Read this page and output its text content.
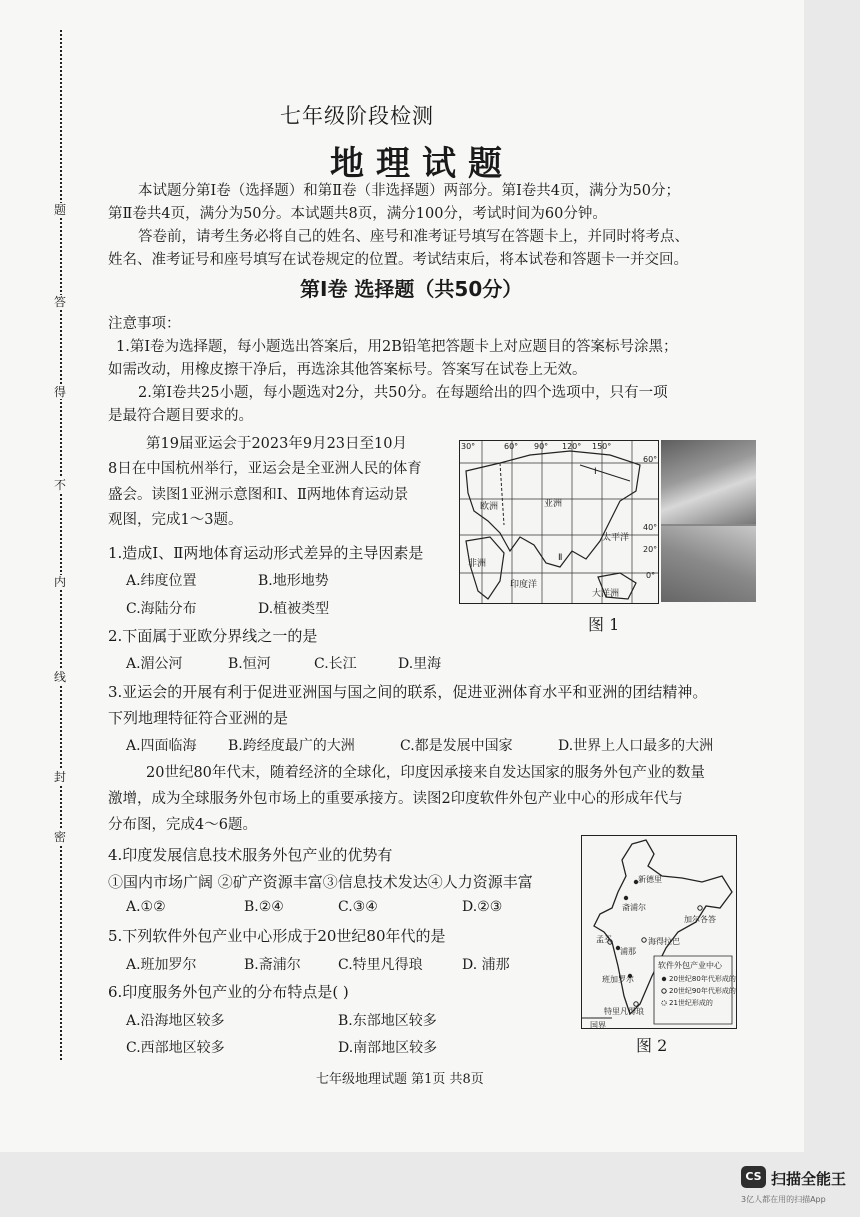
密
封
线
内
不
得
答
题
七年级阶段检测
地理试题
本试题分第Ⅰ卷（选择题）和第Ⅱ卷（非选择题）两部分。第Ⅰ卷共4页，满分为50分；
第Ⅱ卷共4页，满分为50分。本试题共8页，满分100分，考试时间为60分钟。
答卷前，请考生务必将自己的姓名、座号和准考证号填写在答题卡上，并同时将考点、
姓名、准考证号和座号填写在试卷规定的位置。考试结束后，将本试卷和答题卡一并交回。
第Ⅰ卷 选择题（共50分）
注意事项：
1.第Ⅰ卷为选择题，每小题选出答案后，用2B铅笔把答题卡上对应题目的答案标号涂黑；
如需改动，用橡皮擦干净后，再选涂其他答案标号。答案写在试卷上无效。
2.第Ⅰ卷共25小题，每小题选对2分，共50分。在每题给出的四个选项中，只有一项
是最符合题目要求的。
第19届亚运会于2023年9月23日至10月
8日在中国杭州举行，亚运会是全亚洲人民的体育
盛会。读图1亚洲示意图和Ⅰ、Ⅱ两地体育运动景
观图，完成1～3题。
30°	60° 90° 120° 150°
60°
40°
20°
0°
欧洲	亚洲
非洲
太平洋
印度洋
大洋洲
Ⅰ
Ⅱ
图 1
1.造成Ⅰ、Ⅱ两地体育运动形式差异的主导因素是
A.纬度位置	B.地形地势
C.海陆分布	D.植被类型
2.下面属于亚欧分界线之一的是
A.湄公河	B.恒河	C.长江	D.里海
3.亚运会的开展有利于促进亚洲国与国之间的联系，促进亚洲体育水平和亚洲的团结精神。
下列地理特征符合亚洲的是
A.四面临海 B.跨经度最广的大洲	C.都是发展中国家	D.世界上人口最多的大洲
20世纪80年代末，随着经济的全球化，印度因承接来自发达国家的服务外包产业的数量
激增，成为全球服务外包市场上的重要承接方。读图2印度软件外包产业中心的形成年代与
分布图，完成4～6题。
4.印度发展信息技术服务外包产业的优势有
①国内市场广阔 ②矿产资源丰富③信息技术发达④人力资源丰富
A.①②	B.②④	C.③④	D.②③
5.下列软件外包产业中心形成于20世纪80年代的是
A.班加罗尔	B.斋浦尔	C.特里凡得琅	D. 浦那
6.印度服务外包产业的分布特点是( )
A.沿海地区较多	B.东部地区较多
C.西部地区较多	D.南部地区较多
新德里
斋浦尔
加尔各答
孟买
浦那
海得拉巴
班加罗尔
特里凡得琅
软件外包产业中心
20世纪80年代形成的
20世纪90年代形成的
21世纪形成的
国界
图 2
七年级地理试题 第1页 共8页
CS 扫描全能王
3亿人都在用的扫描App
